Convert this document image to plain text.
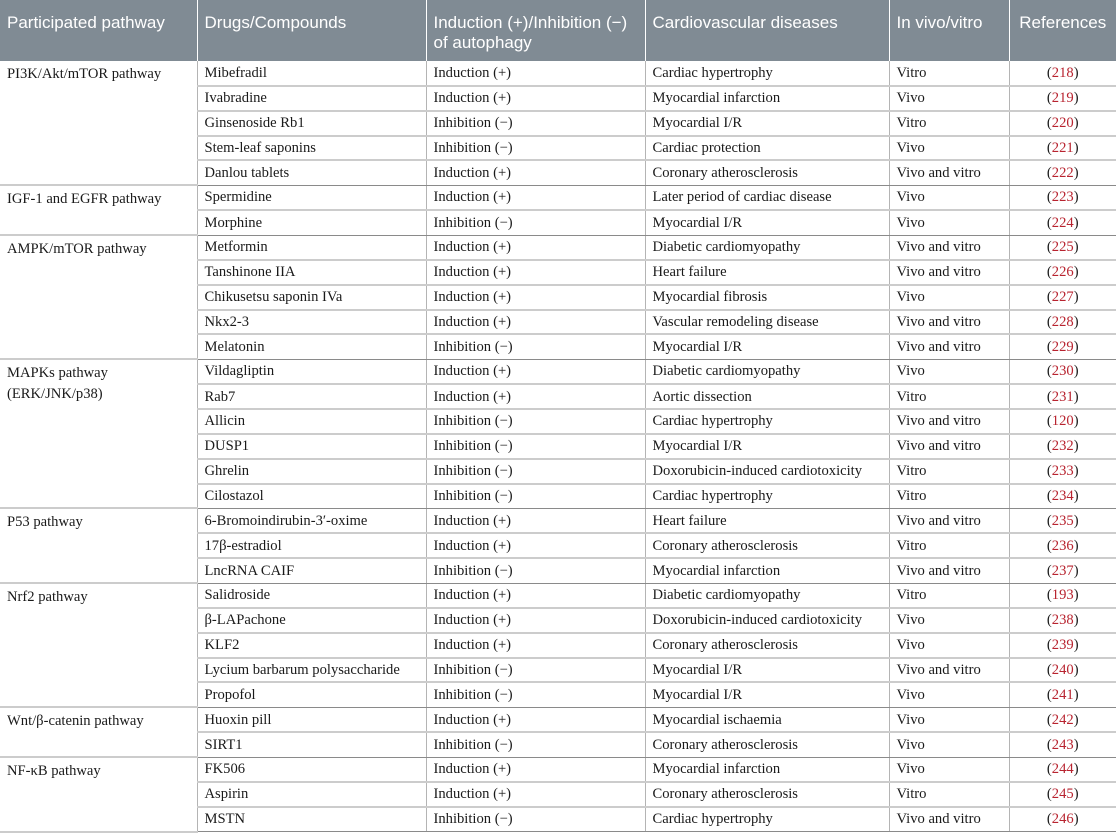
Participated pathway	Drugs/Compounds	Induction (+)/Inhibition (−) of autophagy	Cardiovascular diseases	In vivo/vitro	References
PI3K/Akt/mTOR pathway	Mibefradil	Induction (+)	Cardiac hypertrophy	Vitro	(218)
	Ivabradine	Induction (+)	Myocardial infarction	Vivo	(219)
	Ginsenoside Rb1	Inhibition (−)	Myocardial I/R	Vitro	(220)
	Stem-leaf saponins	Inhibition (−)	Cardiac protection	Vivo	(221)
	Danlou tablets	Induction (+)	Coronary atherosclerosis	Vivo and vitro	(222)
IGF-1 and EGFR pathway	Spermidine	Induction (+)	Later period of cardiac disease	Vivo	(223)
	Morphine	Inhibition (−)	Myocardial I/R	Vivo	(224)
AMPK/mTOR pathway	Metformin	Induction (+)	Diabetic cardiomyopathy	Vivo and vitro	(225)
	Tanshinone IIA	Induction (+)	Heart failure	Vivo and vitro	(226)
	Chikusetsu saponin IVa	Induction (+)	Myocardial fibrosis	Vivo	(227)
	Nkx2-3	Induction (+)	Vascular remodeling disease	Vivo and vitro	(228)
	Melatonin	Inhibition (−)	Myocardial I/R	Vivo and vitro	(229)
MAPKs pathway (ERK/JNK/p38)	Vildagliptin	Induction (+)	Diabetic cardiomyopathy	Vivo	(230)
	Rab7	Induction (+)	Aortic dissection	Vitro	(231)
	Allicin	Inhibition (−)	Cardiac hypertrophy	Vivo and vitro	(120)
	DUSP1	Inhibition (−)	Myocardial I/R	Vivo and vitro	(232)
	Ghrelin	Inhibition (−)	Doxorubicin-induced cardiotoxicity	Vitro	(233)
	Cilostazol	Inhibition (−)	Cardiac hypertrophy	Vitro	(234)
P53 pathway	6-Bromoindirubin-3′-oxime	Induction (+)	Heart failure	Vivo and vitro	(235)
	17β-estradiol	Induction (+)	Coronary atherosclerosis	Vitro	(236)
	LncRNA CAIF	Inhibition (−)	Myocardial infarction	Vivo and vitro	(237)
Nrf2 pathway	Salidroside	Induction (+)	Diabetic cardiomyopathy	Vitro	(193)
	β-LAPachone	Induction (+)	Doxorubicin-induced cardiotoxicity	Vivo	(238)
	KLF2	Induction (+)	Coronary atherosclerosis	Vivo	(239)
	Lycium barbarum polysaccharide	Inhibition (−)	Myocardial I/R	Vivo and vitro	(240)
	Propofol	Inhibition (−)	Myocardial I/R	Vivo	(241)
Wnt/β-catenin pathway	Huoxin pill	Induction (+)	Myocardial ischaemia	Vivo	(242)
	SIRT1	Inhibition (−)	Coronary atherosclerosis	Vivo	(243)
NF-κB pathway	FK506	Induction (+)	Myocardial infarction	Vivo	(244)
	Aspirin	Induction (+)	Coronary atherosclerosis	Vitro	(245)
	MSTN	Inhibition (−)	Cardiac hypertrophy	Vivo and vitro	(246)
